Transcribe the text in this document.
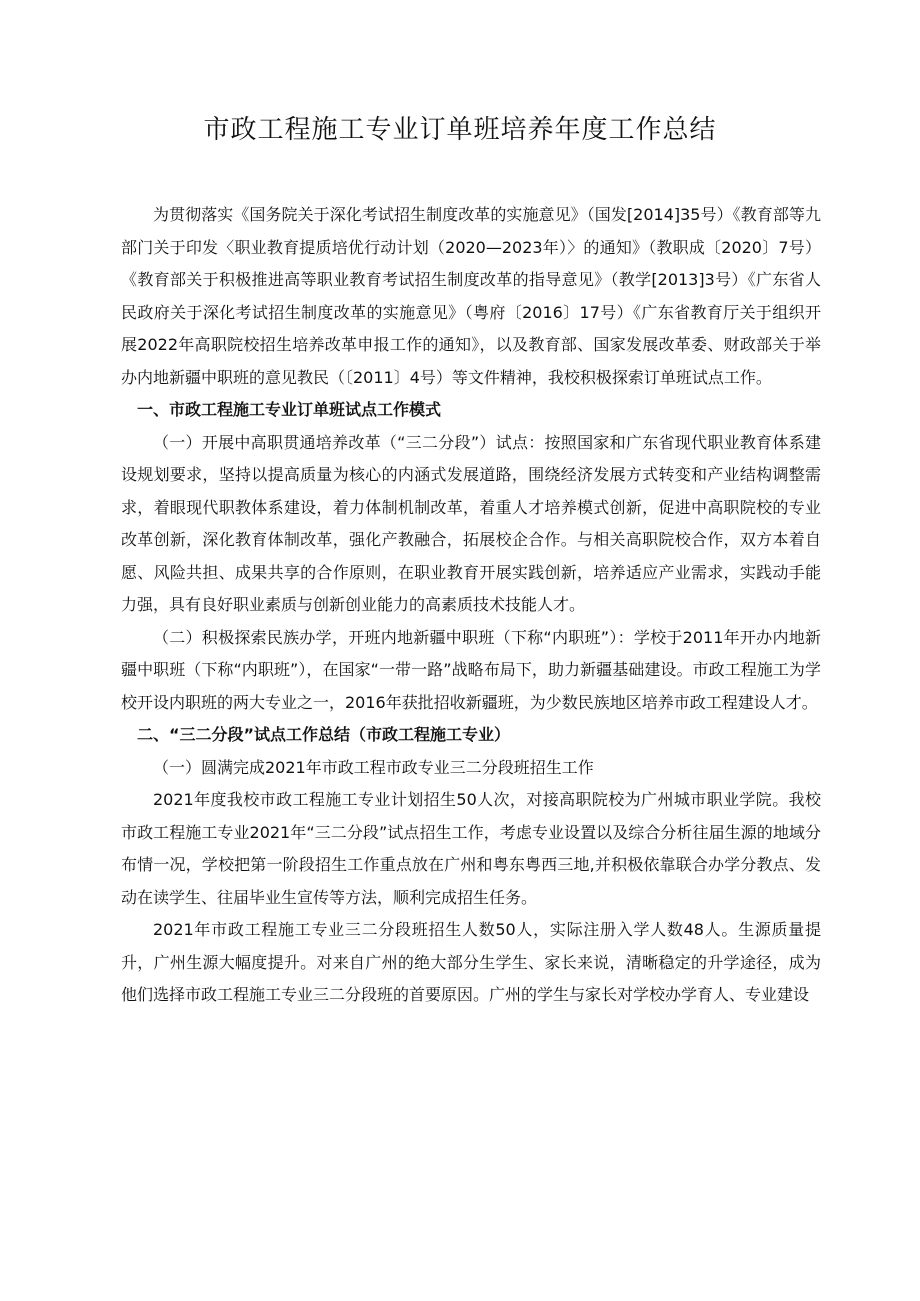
市政工程施工专业订单班培养年度工作总结

为贯彻落实《国务院关于深化考试招生制度改革的实施意见》（国发[2014]35号）《教育部等九部门关于印发〈职业教育提质培优行动计划（2020—2023年）〉的通知》（教职成〔2020〕7号）《教育部关于积极推进高等职业教育考试招生制度改革的指导意见》（教学[2013]3号）《广东省人民政府关于深化考试招生制度改革的实施意见》（粤府〔2016〕17号）《广东省教育厅关于组织开展2022年高职院校招生培养改革申报工作的通知》，以及教育部、国家发展改革委、财政部关于举办内地新疆中职班的意见教民（〔2011〕4号）等文件精神，我校积极探索订单班试点工作。

一、市政工程施工专业订单班试点工作模式

（一）开展中高职贯通培养改革（“三二分段”）试点：按照国家和广东省现代职业教育体系建设规划要求，坚持以提高质量为核心的内涵式发展道路，围绕经济发展方式转变和产业结构调整需求，着眼现代职教体系建设，着力体制机制改革，着重人才培养模式创新，促进中高职院校的专业改革创新，深化教育体制改革，强化产教融合，拓展校企合作。与相关高职院校合作，双方本着自愿、风险共担、成果共享的合作原则，在职业教育开展实践创新，培养适应产业需求，实践动手能力强，具有良好职业素质与创新创业能力的高素质技术技能人才。

（二）积极探索民族办学，开班内地新疆中职班（下称“内职班”）：学校于2011年开办内地新疆中职班（下称“内职班”），在国家“一带一路”战略布局下，助力新疆基础建设。市政工程施工为学校开设内职班的两大专业之一，2016年获批招收新疆班，为少数民族地区培养市政工程建设人才。

二、“三二分段”试点工作总结（市政工程施工专业）

（一）圆满完成2021年市政工程市政专业三二分段班招生工作

2021年度我校市政工程施工专业计划招生50人次，对接高职院校为广州城市职业学院。我校市政工程施工专业2021年“三二分段”试点招生工作，考虑专业设置以及综合分析往届生源的地域分布情一况，学校把第一阶段招生工作重点放在广州和粤东粤西三地,并积极依靠联合办学分教点、发动在读学生、往届毕业生宣传等方法，顺利完成招生任务。

2021年市政工程施工专业三二分段班招生人数50人，实际注册入学人数48人。生源质量提升，广州生源大幅度提升。对来自广州的绝大部分生学生、家长来说，清晰稳定的升学途径，成为他们选择市政工程施工专业三二分段班的首要原因。广州的学生与家长对学校办学育人、专业建设
